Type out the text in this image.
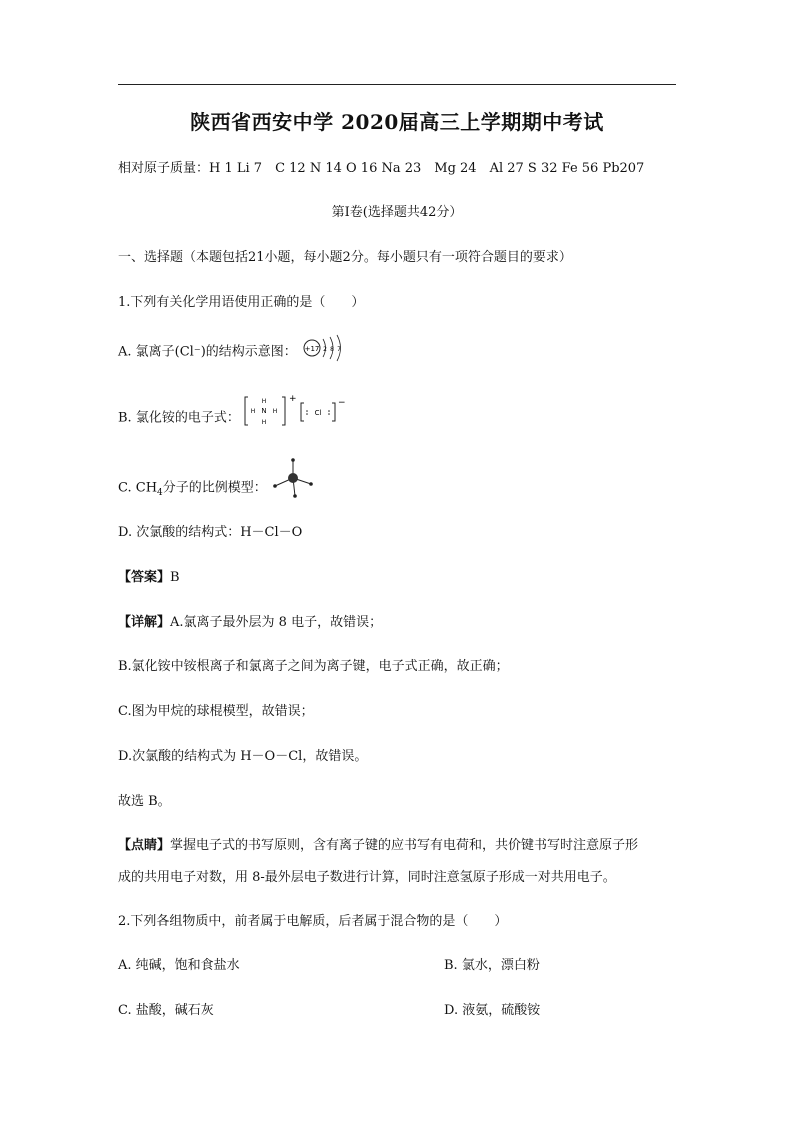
陕西省西安中学 2020届高三上学期期中考试
相对原子质量：H 1 Li 7　C 12 N 14 O 16 Na 23　Mg 24　Al 27 S 32 Fe 56 Pb207
第Ⅰ卷(选择题共42分）
一、选择题（本题包括21小题，每小题2分。每小题只有一项符合题目的要求）
1.下列有关化学用语使用正确的是（　　）
A. 氯离子(Cl⁻)的结构示意图： +17 2 8 7
B. 氯化铵的电子式：	N
H
H
H	H
+
Cl
−
C. $CH_4$分子的比例模型：
D. 次氯酸的结构式：H－Cl－O
【答案】B
【详解】A.氯离子最外层为 8 电子，故错误；
B.氯化铵中铵根离子和氯离子之间为离子键，电子式正确，故正确；
C.图为甲烷的球棍模型，故错误；
D.次氯酸的结构式为 H－O－Cl，故错误。
故选 B。
【点睛】掌握电子式的书写原则，含有离子键的应书写有电荷和，共价键书写时注意原子形
成的共用电子对数，用 8-最外层电子数进行计算，同时注意氢原子形成一对共用电子。
2.下列各组物质中，前者属于电解质，后者属于混合物的是（　　）
A. 纯碱，饱和食盐水	B. 氯水，漂白粉
C. 盐酸，碱石灰	D. 液氨，硫酸铵
